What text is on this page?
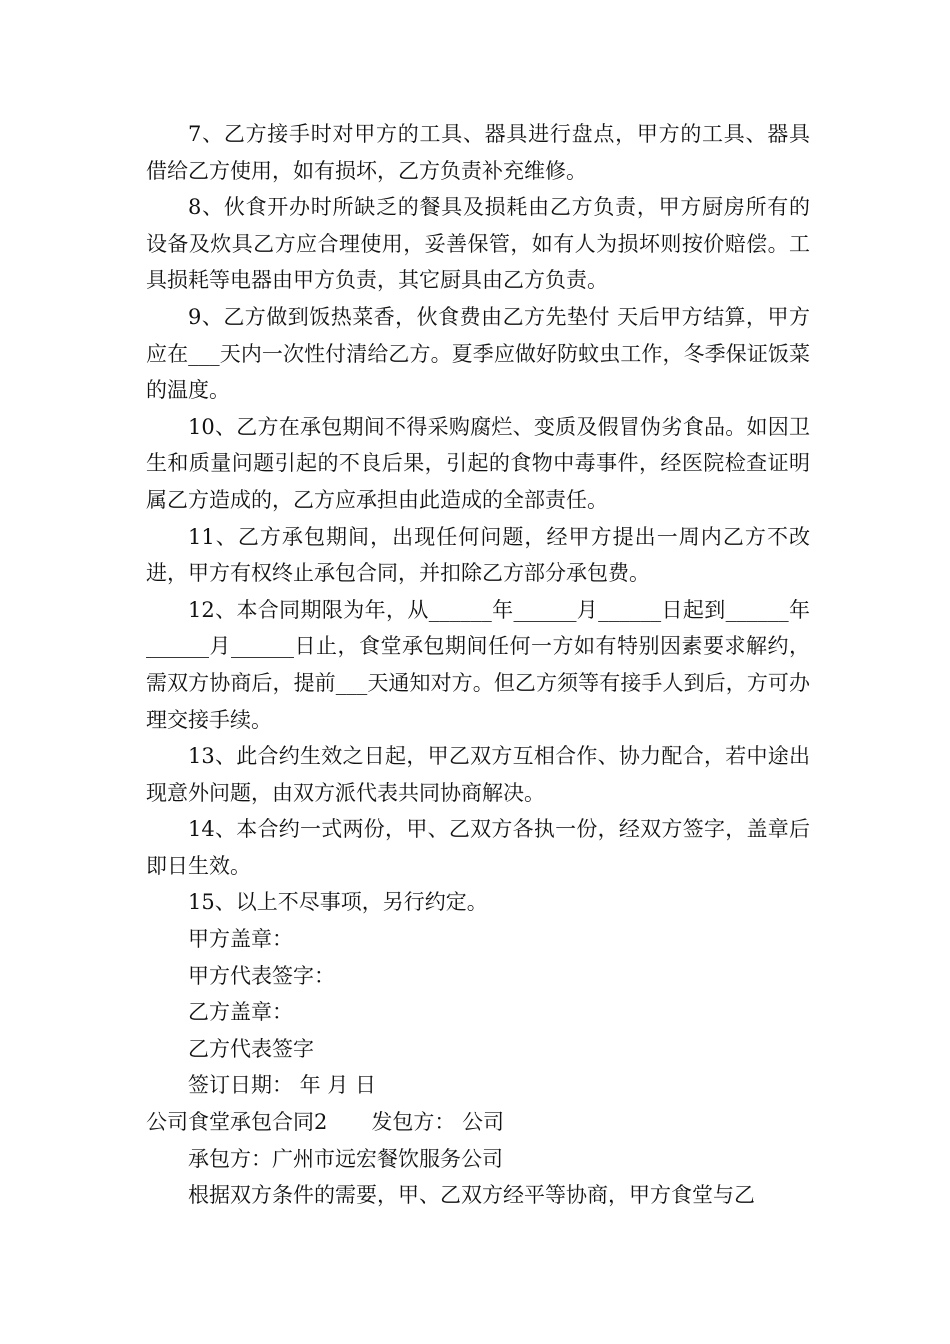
7、乙方接手时对甲方的工具、器具进行盘点，甲方的工具、器具借给乙方使用，如有损坏，乙方负责补充维修。

8、伙食开办时所缺乏的餐具及损耗由乙方负责，甲方厨房所有的设备及炊具乙方应合理使用，妥善保管，如有人为损坏则按价赔偿。工具损耗等电器由甲方负责，其它厨具由乙方负责。

9、乙方做到饭热菜香，伙食费由乙方先垫付 天后甲方结算，甲方应在___天内一次性付清给乙方。夏季应做好防蚊虫工作，冬季保证饭菜的温度。

10、乙方在承包期间不得采购腐烂、变质及假冒伪劣食品。如因卫生和质量问题引起的不良后果，引起的食物中毒事件，经医院检查证明属乙方造成的，乙方应承担由此造成的全部责任。

11、乙方承包期间，出现任何问题，经甲方提出一周内乙方不改进，甲方有权终止承包合同，并扣除乙方部分承包费。

12、本合同期限为年，从______年______月______日起到______年______月______日止，食堂承包期间任何一方如有特别因素要求解约，需双方协商后，提前___天通知对方。但乙方须等有接手人到后，方可办理交接手续。

13、此合约生效之日起，甲乙双方互相合作、协力配合，若中途出现意外问题，由双方派代表共同协商解决。

14、本合约一式两份，甲、乙双方各执一份，经双方签字，盖章后即日生效。

15、以上不尽事项，另行约定。

甲方盖章：

甲方代表签字：

乙方盖章：

乙方代表签字

签订日期： 年 月 日

公司食堂承包合同2 发包方： 公司

承包方：广州市远宏餐饮服务公司

根据双方条件的需要，甲、乙双方经平等协商，甲方食堂与乙
